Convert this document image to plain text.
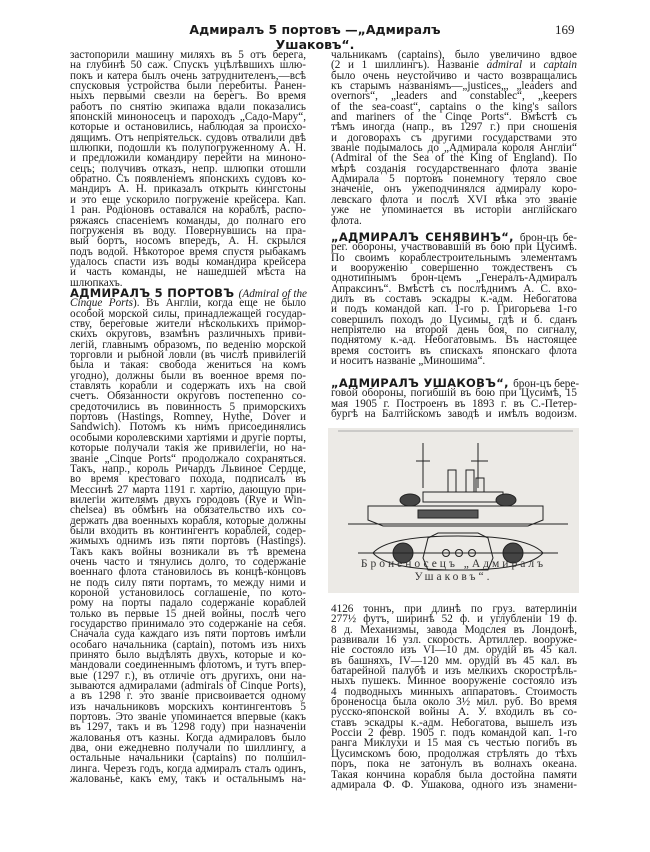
Адмиралъ 5 портовъ —„Адмиралъ Ушаковъ“.
169
застопорили машину миляхъ въ 5 отъ берега,
на глубинѣ 50 саж. Спускъ уцѣлѣвшихъ шлю-
покъ и катера былъ очень затруднителенъ,—всѣ
спусковыя устройства были перебиты. Ранен-
ныхъ первыми свезли на берегъ. Во время
работъ по снятію экипажа вдали показались
японскій миноносецъ и пароходъ „Садо-Мару“,
которые и остановились, наблюдая за происхо-
дящимъ. Отъ непріятельск. судовъ отвалили двѣ
шлюпки, подошли къ полупогруженному А. Н.
и предложили командиру перейти на миноно-
сецъ; получивъ отказъ, непр. шлюпки отошли
обратно. Съ появленіемъ японскихъ судовъ ко-
мандиръ А. Н. приказалъ открыть кингстоны
и это еще ускорило погруженіе крейсера. Кап.
1 ран. Родіоновъ оставался на кораблѣ, распо-
ряжаясь спасеніемъ команды, до полнаго его
погруженія въ воду. Повернувшись на пра-
вый бортъ, носомъ впередъ, А. Н. скрылся
подъ водой. Нѣкоторое время спустя рыбакамъ
удалось спасти изъ воды командира крейсера
и часть команды, не нашедшей мѣста на
шлюпкахъ.
АДМИРАЛЪ 5 ПОРТОВЪ (Admiral of the
Cinque Ports). Въ Англіи, когда еще не было
особой морской силы, принадлежащей государ-
ству, береговые жители нѣсколькихъ примор-
скихъ округовъ, взамѣнъ различныхъ приви-
легій, главнымъ образомъ, по веденію морской
торговли и рыбной ловли (въ числѣ привилегій
была и такая: свобода жениться на комъ
угодно), должны были въ военное время по-
ставлять корабли и содержать ихъ на свой
счетъ. Обязанности округовъ постепенно со-
средоточились въ повинность 5 приморскихъ
портовъ (Hastings, Romney, Hythe, Dover и
Sandwich). Потомъ къ нимъ присоединялись
особыми королевскими хартіями и другіе порты,
которые получали такія же привилегіи, но на-
званіе „Cinque Ports“ продолжало сохраняться.
Такъ, напр., король Ричардъ Львиное Сердце,
во время крестоваго похода, подписалъ въ
Мессинѣ 27 марта 1191 г. хартію, дающую при-
вилегіи жителямъ двухъ городовъ (Rye и Win-
chelsea) въ обмѣнъ на обязательство ихъ со-
держать два военныхъ корабля, которые должны
были входить въ контингентъ кораблей, содер-
жимыхъ однимъ изъ пяти портовъ (Hastings).
Такъ какъ войны возникали въ тѣ времена
очень часто и тянулись долго, то содержаніе
военнаго флота становилось въ концѣ-концовъ
не подъ силу пяти портамъ, то между ними и
короной установилось соглашеніе, по кото-
рому на порты падало содержаніе кораблей
только въ первые 15 дней войны, послѣ чего
государство принимало это содержаніе на себя.
Сначала суда каждаго изъ пяти портовъ имѣли
особаго начальника (captain), потомъ изъ нихъ
принято было выдѣлять двухъ, которые и ко-
мандовали соединеннымъ флотомъ, и тутъ впер-
вые (1297 г.), въ отличіе отъ другихъ, они на-
зываются адмиралами (admirals of Cinque Ports),
а въ 1298 г. это званіе присвоивается одному
изъ начальниковъ морскихъ контингентовъ 5
портовъ. Это званіе упоминается впервые (какъ
въ 1297, такъ и въ 1298 году) при назначеніи
жалованья отъ казны. Когда адмираловъ было
два, они ежедневно получали по шиллингу, а
остальные начальники (captains) по полшил-
линга. Черезъ годъ, когда адмиралъ сталъ одинъ,
жалованье, какъ ему, такъ и остальнымъ на-
чальникамъ (captains), было увеличино вдвое
(2 и 1 шиллингъ). Названіе admiral и captain
было очень неустойчиво и часто возвращались
къ старымъ названіямъ—„justices„, „leaders and
overnors“, „leaders and constablec“, „keepers
of the sea-coast“, captains o the king's sailors
and mariners of the Cinqe Ports“. Вмѣстѣ съ
тѣмъ иногда (напр., въ 1297 г.) при сношенія
и договорахъ съ другими государствами это
званіе подымалось до „Адмирала короля Англіи“
(Admiral of the Sea of the King of England). По
мѣрѣ созданія государственнаго флота званіе
Адмирала 5 портовъ понемногу теряло свое
значеніе, онъ ужеподчинялся адмиралу коро-
левскаго флота и послѣ XVI вѣка это званіе
уже не упоминается въ исторіи англійскаго
флота.
„АДМИРАЛЪ СЕНЯВИНЪ“, брон-цъ бе-
рег. обороны, участвовавшій въ бою при Цусимѣ.
По своимъ кораблестроительнымъ элементамъ
и вооруженію совершенно тождественъ съ
однотипнымъ брон-цемъ „Генералъ-Адмиралъ
Апраксинъ“. Вмѣстѣ съ послѣднимъ А. С. вхо-
дилъ въ составъ эскадры к.-адм. Небогатова
и подъ командой кап. 1-го р. Григорьева 1-го
совершилъ походъ до Цусимы, гдѣ и б. сданъ
непріятелю на второй день боя, по сигналу,
поднятому к.-ад. Небогатовымъ. Въ настоящее
время состоитъ въ спискахъ японскаго флота
и носитъ названіе „Миношима“.
„АДМИРАЛЪ УШАКОВЪ“, брон-цъ бере-
говой обороны, погибшій въ бою при Цусимѣ, 15
мая 1905 г. Построенъ въ 1893 г. въ С.-Петер-
бургѣ на Балтійскомъ заводѣ и имѣлъ водоизм.
Броненосецъ „Адмиралъ
Ушаковъ“.
4126 тоннъ, при длинѣ по груз. ватерлиніи
277½ футъ, ширинѣ 52 ф. и углубленіи 19 ф.
8 д. Механизмы, завода Модслея въ Лондонѣ,
развивали 16 узл. скорость. Артиллер. вооруже-
ніе состояло изъ VI—10 дм. орудій въ 45 кал.
въ башняхъ, IV—120 мм. орудій въ 45 кал. въ
батарейной палубѣ и изъ мелкихъ скорострѣль-
ныхъ пушекъ. Минное вооруженіе состояло изъ
4 подводныхъ минныхъ аппаратовъ. Стоимость
броненосца была около 3½ мил. руб. Во время
русско-японской войны А. У. входилъ въ со-
ставъ эскадры к.-адм. Небогатова, вышелъ изъ
Россіи 2 февр. 1905 г. подъ командой кап. 1-го
ранга Миклухи и 15 мая съ честью погибъ въ
Цусимскомъ бою, продолжая стрѣлять до тѣхъ
поръ, пока не затонулъ въ волнахъ океана.
Такая кончина корабля была достойна памяти
адмирала Ф. Ф. Ушакова, одного изъ знамени-
